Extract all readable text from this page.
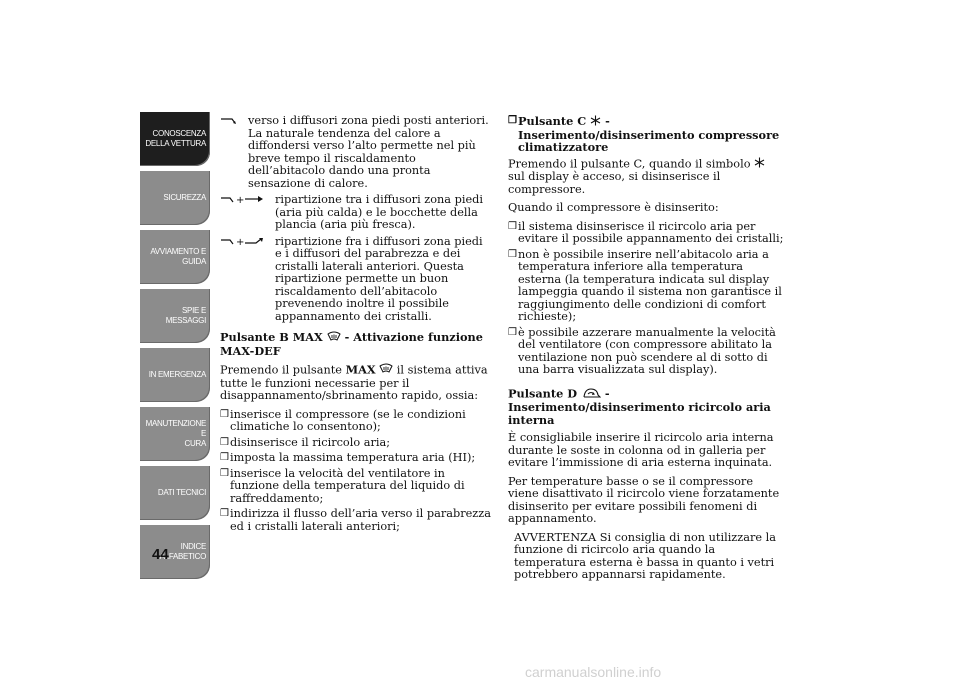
CONOSCENZA
DELLA VETTURA
SICUREZZA
AVVIAMENTO E
GUIDA
SPIE E MESSAGGI
IN EMERGENZA
MANUTENZIONE E
CURA
DATI TECNICI
INDICE
ALFABETICO
44
verso i diffusori zona piedi posti anteriori. La naturale tendenza del calore a diffondersi verso l’alto permette nel più breve tempo il riscaldamento dell’abitacolo dando una pronta sensazione di calore.
+	ripartizione tra i diffusori zona piedi (aria più calda) e le bocchette della plancia (aria più fresca).
+	ripartizione fra i diffusori zona piedi e i diffusori del parabrezza e dei cristalli laterali anteriori. Questa ripartizione permette un buon riscaldamento dell’abitacolo prevenendo inoltre il possibile appannamento dei cristalli.
Pulsante B MAX - Attivazione funzione MAX-DEF

Premendo il pulsante MAX il sistema attiva tutte le funzioni necessarie per il disappannamento/sbrinamento rapido, ossia:

❒ inserisce il compressore (se le condizioni climatiche lo consentono);
❒ disinserisce il ricircolo aria;
❒ imposta la massima temperatura aria (HI);
❒ inserisce la velocità del ventilatore in funzione della temperatura del liquido di raffreddamento;
❒ indirizza il flusso dell’aria verso il parabrezza ed i cristalli laterali anteriori;
❒ Pulsante C - Inserimento/disinserimento compressore climatizzatore

Premendo il pulsante C, quando il simbolo  sul display è acceso, si disinserisce il compressore.

Quando il compressore è disinserito:

❒ il sistema disinserisce il ricircolo aria per evitare il possibile appannamento dei cristalli;
❒ non è possibile inserire nell’abitacolo aria a temperatura inferiore alla temperatura esterna (la temperatura indicata sul display lampeggia quando il sistema non garantisce il raggiungimento delle condizioni di comfort richieste);
❒ è possibile azzerare manualmente la velocità del ventilatore (con compressore abilitato la ventilazione non può scendere al di sotto di una barra visualizzata sul display).
Pulsante D - Inserimento/disinserimento ricircolo aria interna

È consigliabile inserire il ricircolo aria interna durante le soste in colonna od in galleria per evitare l’immissione di aria esterna inquinata.

Per temperature basse o se il compressore viene disattivato il ricircolo viene forzatamente disinserito per evitare possibili fenomeni di appannamento.

AVVERTENZA Si consiglia di non utilizzare la funzione di ricircolo aria quando la temperatura esterna è bassa in quanto i vetri potrebbero appannarsi rapidamente.

carmanualsonline.info
